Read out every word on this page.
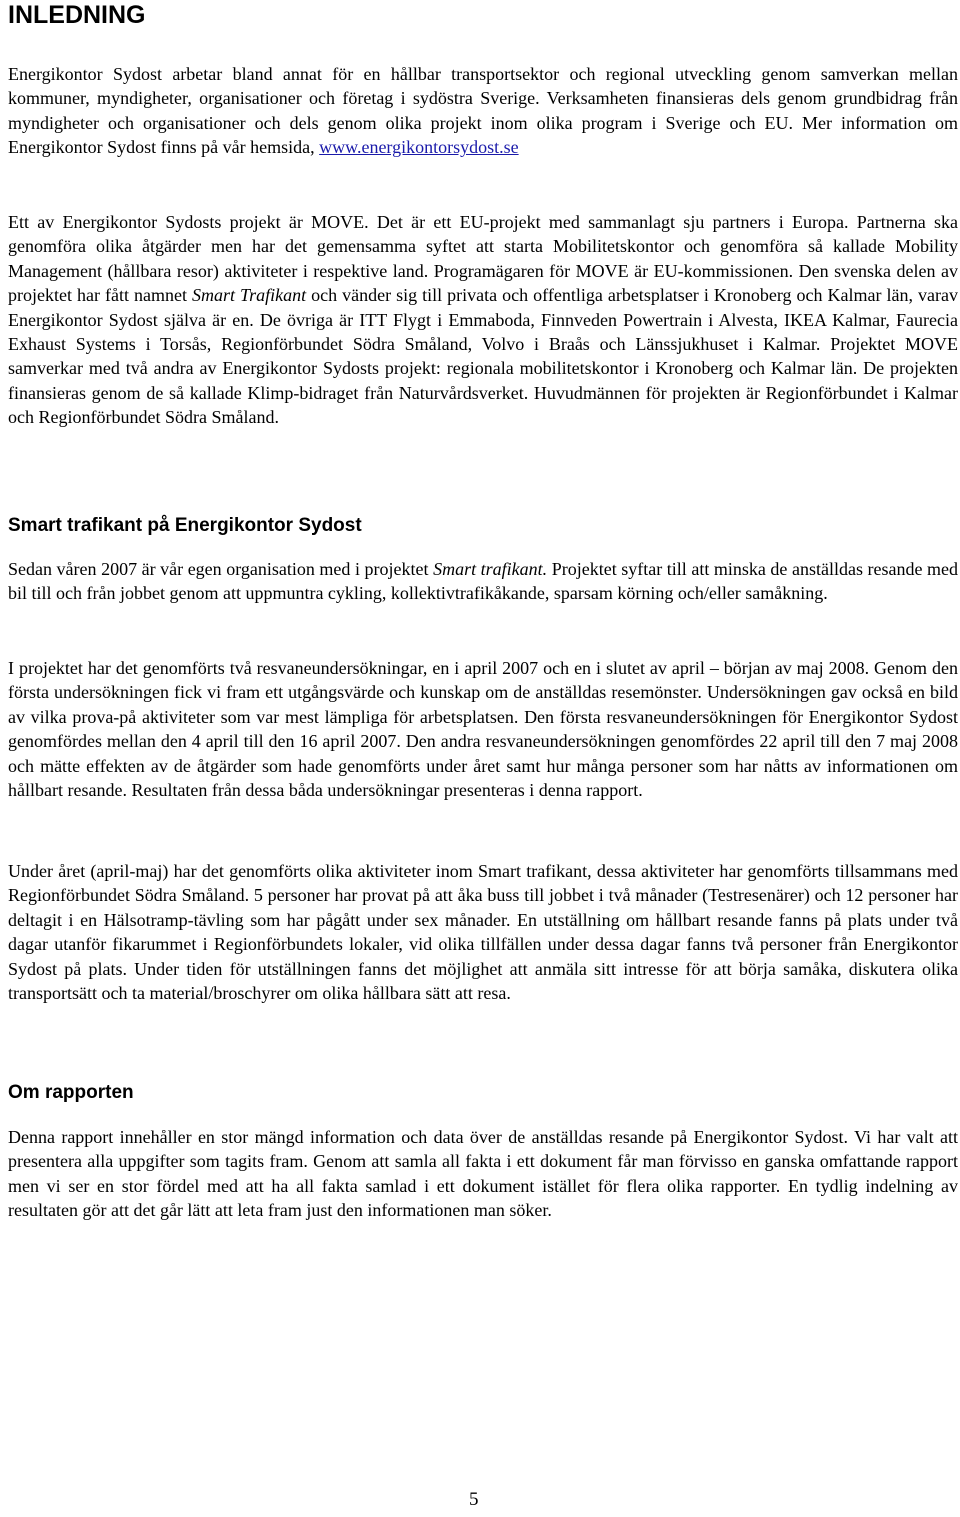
INLEDNING

Energikontor Sydost arbetar bland annat för en hållbar transportsektor och regional utveckling genom samverkan mellan kommuner, myndigheter, organisationer och företag i sydöstra Sverige. Verksamheten finansieras dels genom grundbidrag från myndigheter och organisationer och dels genom olika projekt inom olika program i Sverige och EU. Mer information om Energikontor Sydost finns på vår hemsida, www.energikontorsydost.se

Ett av Energikontor Sydosts projekt är MOVE. Det är ett EU-projekt med sammanlagt sju partners i Europa. Partnerna ska genomföra olika åtgärder men har det gemensamma syftet att starta Mobilitetskontor och genomföra så kallade Mobility Management (hållbara resor) aktiviteter i respektive land. Programägaren för MOVE är EU-kommissionen. Den svenska delen av projektet har fått namnet Smart Trafikant och vänder sig till privata och offentliga arbetsplatser i Kronoberg och Kalmar län, varav Energikontor Sydost själva är en. De övriga är ITT Flygt i Emmaboda, Finnveden Powertrain i Alvesta, IKEA Kalmar, Faurecia Exhaust Systems i Torsås, Regionförbundet Södra Småland, Volvo i Braås och Länssjukhuset i Kalmar. Projektet MOVE samverkar med två andra av Energikontor Sydosts projekt: regionala mobilitetskontor i Kronoberg och Kalmar län. De projekten finansieras genom de så kallade Klimp-bidraget från Naturvårdsverket. Huvudmännen för projekten är Regionförbundet i Kalmar och Regionförbundet Södra Småland.

Smart trafikant på Energikontor Sydost

Sedan våren 2007 är vår egen organisation med i projektet Smart trafikant. Projektet syftar till att minska de anställdas resande med bil till och från jobbet genom att uppmuntra cykling, kollektivtrafikåkande, sparsam körning och/eller samåkning.

I projektet har det genomförts två resvaneundersökningar, en i april 2007 och en i slutet av april – början av maj 2008. Genom den första undersökningen fick vi fram ett utgångsvärde och kunskap om de anställdas resemönster. Undersökningen gav också en bild av vilka prova-på aktiviteter som var mest lämpliga för arbetsplatsen. Den första resvaneundersökningen för Energikontor Sydost genomfördes mellan den 4 april till den 16 april 2007. Den andra resvaneundersökningen genomfördes 22 april till den 7 maj 2008 och mätte effekten av de åtgärder som hade genomförts under året samt hur många personer som har nåtts av informationen om hållbart resande. Resultaten från dessa båda undersökningar presenteras i denna rapport.

Under året (april-maj) har det genomförts olika aktiviteter inom Smart trafikant, dessa aktiviteter har genomförts tillsammans med Regionförbundet Södra Småland. 5 personer har provat på att åka buss till jobbet i två månader (Testresenärer) och 12 personer har deltagit i en Hälsotramp-tävling som har pågått under sex månader. En utställning om hållbart resande fanns på plats under två dagar utanför fikarummet i Regionförbundets lokaler, vid olika tillfällen under dessa dagar fanns två personer från Energikontor Sydost på plats. Under tiden för utställningen fanns det möjlighet att anmäla sitt intresse för att börja samåka, diskutera olika transportsätt och ta material/broschyrer om olika hållbara sätt att resa.

Om rapporten

Denna rapport innehåller en stor mängd information och data över de anställdas resande på Energikontor Sydost. Vi har valt att presentera alla uppgifter som tagits fram. Genom att samla all fakta i ett dokument får man förvisso en ganska omfattande rapport men vi ser en stor fördel med att ha all fakta samlad i ett dokument istället för flera olika rapporter. En tydlig indelning av resultaten gör att det går lätt att leta fram just den informationen man söker.

5
